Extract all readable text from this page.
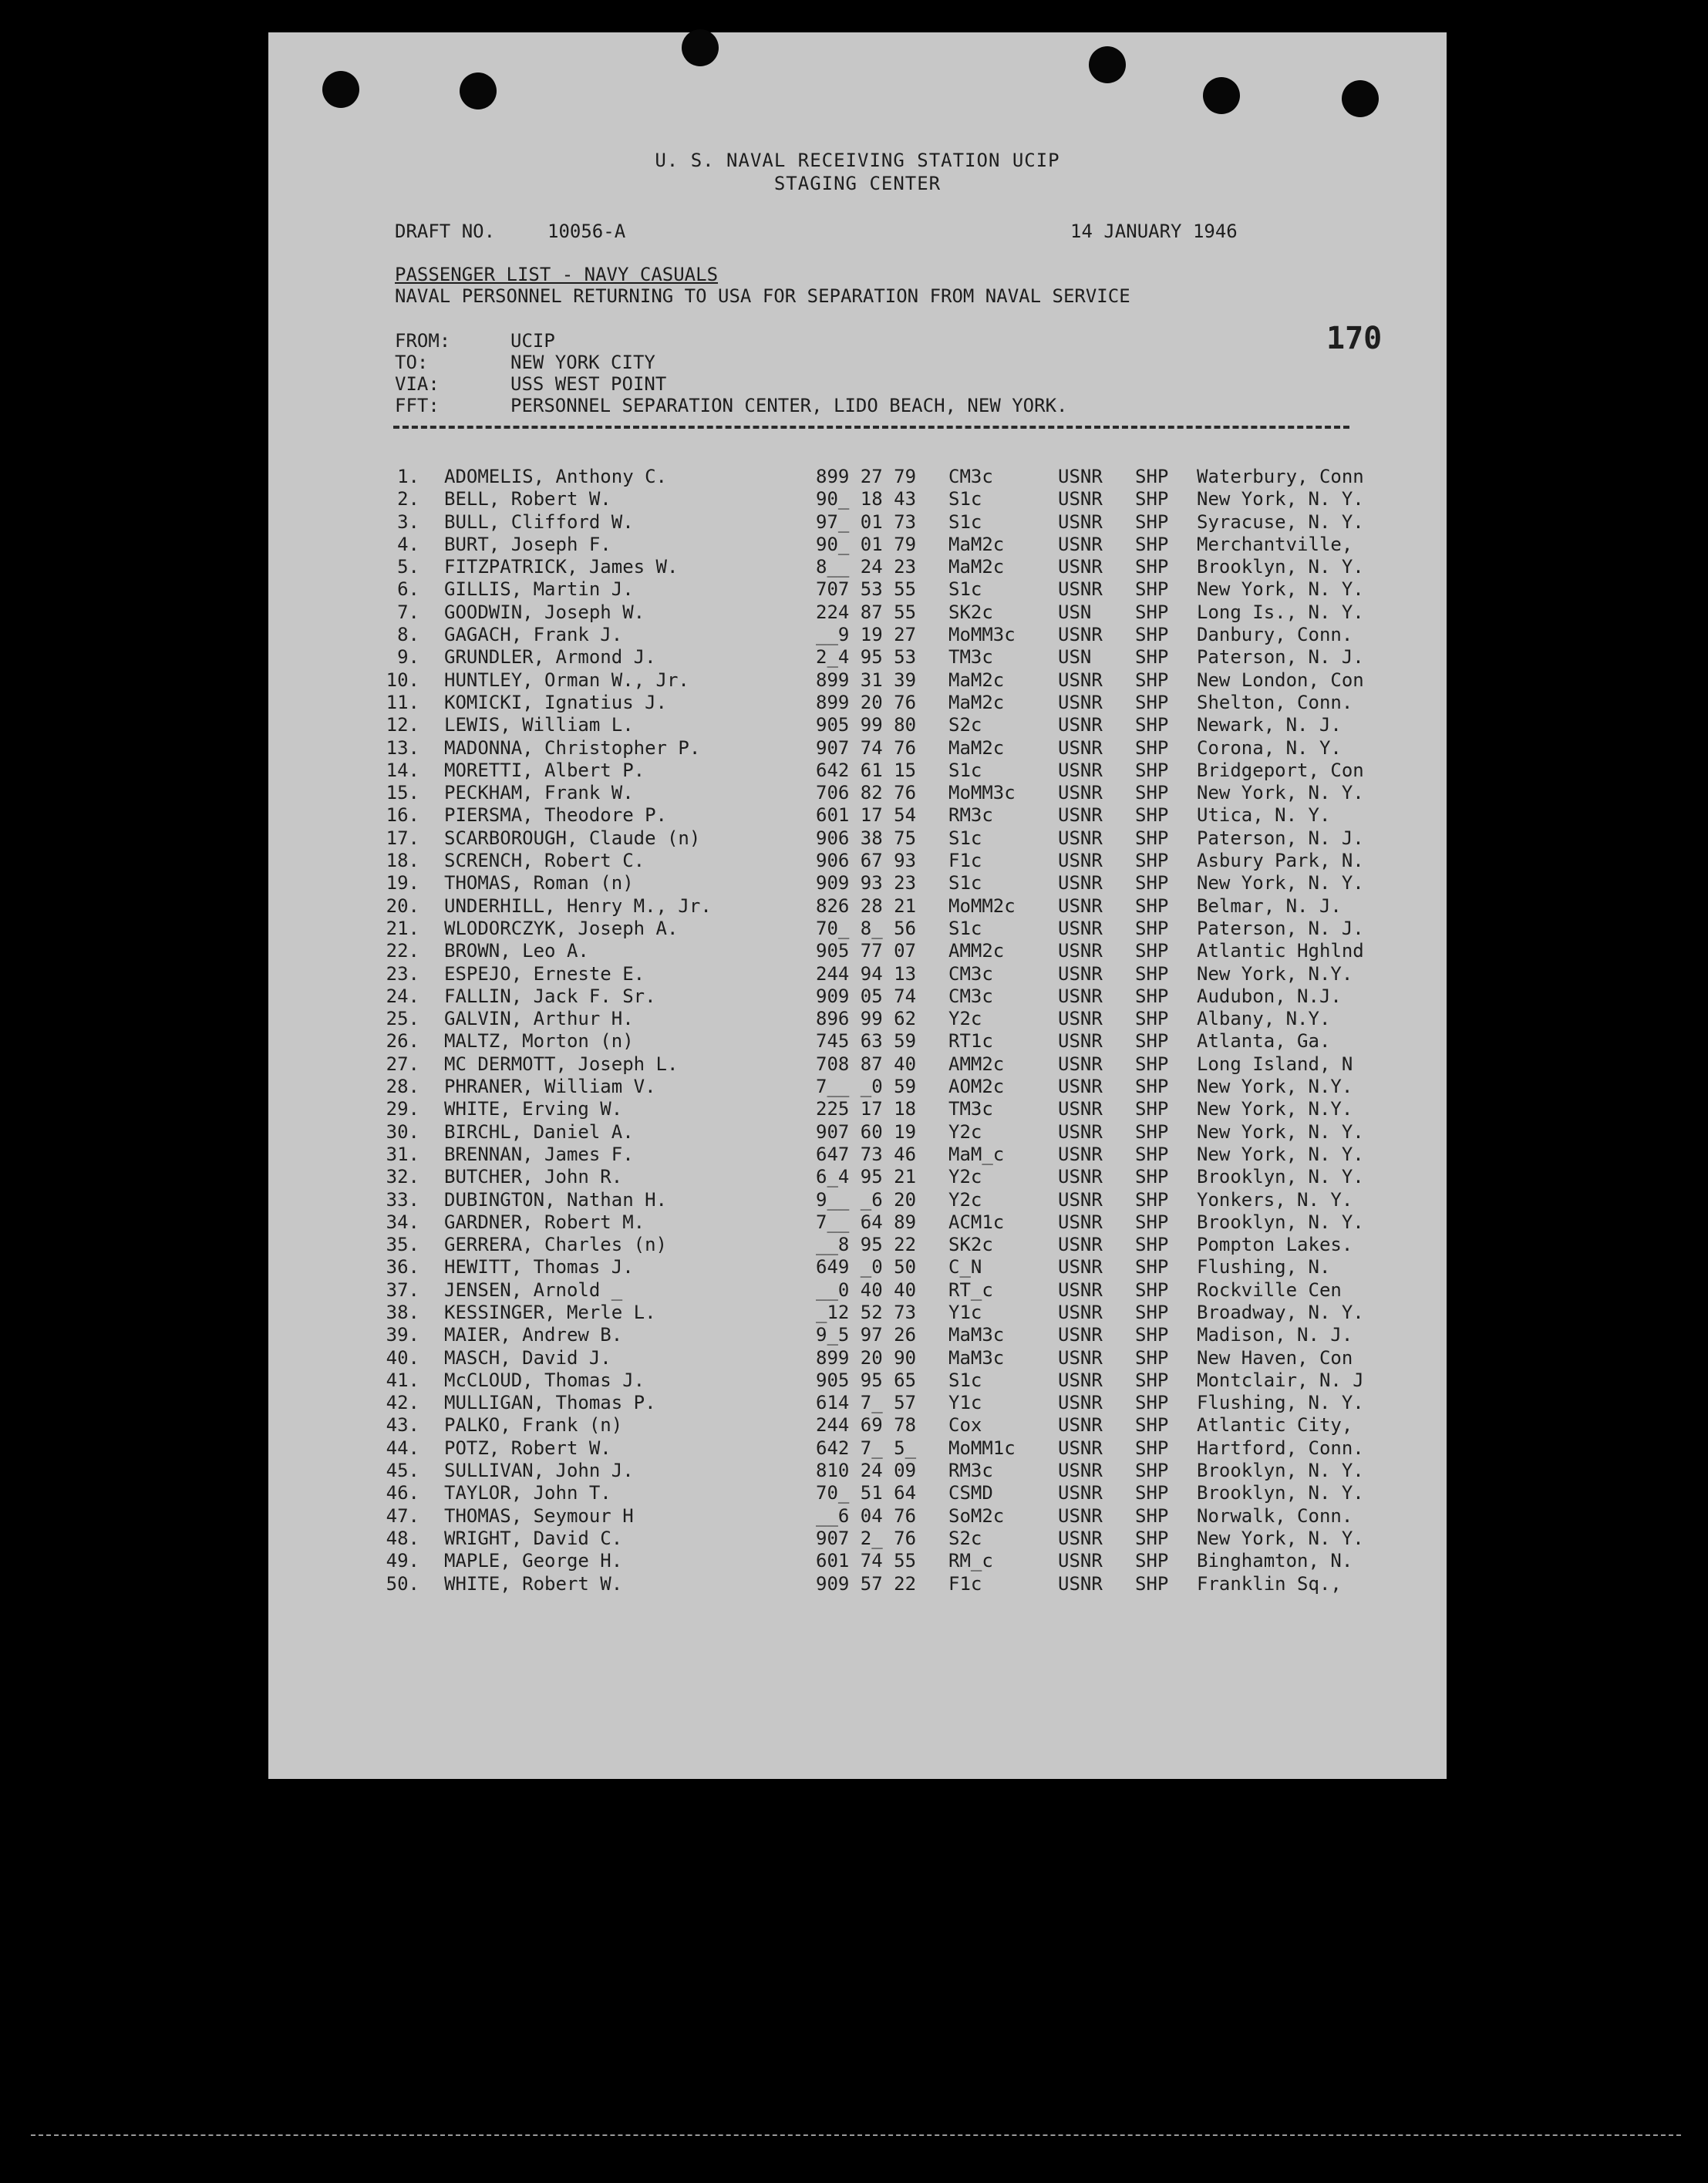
U. S. NAVAL RECEIVING STATION UCIP
STAGING CENTER
DRAFT NO.	10056-A	14 JANUARY 1946
PASSENGER LIST - NAVY CASUALS
NAVAL PERSONNEL RETURNING TO USA FOR SEPARATION FROM NAVAL SERVICE
170
FROM:	UCIP
TO:	NEW YORK CITY
VIA:	USS WEST POINT
FFT:	PERSONNEL SEPARATION CENTER, LIDO BEACH, NEW YORK.
1. ADOMELIS, Anthony C.	899 27 79 CM3c	USNR SHP Waterbury, Conn
2. BELL, Robert W.	90_ 18 43 S1c	USNR SHP New York, N. Y.
3. BULL, Clifford W.	97_ 01 73 S1c	USNR SHP Syracuse, N. Y.
4. BURT, Joseph F.	90_ 01 79 MaM2c	USNR SHP Merchantville,
5. FITZPATRICK, James W.	8__ 24 23 MaM2c	USNR SHP Brooklyn, N. Y.
6. GILLIS, Martin J.	707 53 55 S1c	USNR SHP New York, N. Y.
7. GOODWIN, Joseph W.	224 87 55 SK2c	USN SHP Long Is., N. Y.
8. GAGACH, Frank J.	__9 19 27 MoMM3c USNR SHP Danbury, Conn.
9. GRUNDLER, Armond J.	2_4 95 53 TM3c	USN SHP Paterson, N. J.
10. HUNTLEY, Orman W., Jr.	899 31 39 MaM2c	USNR SHP New London, Con
11. KOMICKI, Ignatius J.	899 20 76 MaM2c	USNR SHP Shelton, Conn.
12. LEWIS, William L.	905 99 80 S2c	USNR SHP Newark, N. J.
13. MADONNA, Christopher P.	907 74 76 MaM2c	USNR SHP Corona, N. Y.
14. MORETTI, Albert P.	642 61 15 S1c	USNR SHP Bridgeport, Con
15. PECKHAM, Frank W.	706 82 76 MoMM3c USNR SHP New York, N. Y.
16. PIERSMA, Theodore P.	601 17 54 RM3c	USNR SHP Utica, N. Y.
17. SCARBOROUGH, Claude (n)	906 38 75 S1c	USNR SHP Paterson, N. J.
18. SCRENCH, Robert C.	906 67 93 F1c	USNR SHP Asbury Park, N.
19. THOMAS, Roman (n)	909 93 23 S1c	USNR SHP New York, N. Y.
20. UNDERHILL, Henry M., Jr.	826 28 21 MoMM2c USNR SHP Belmar, N. J.
21. WLODORCZYK, Joseph A.	70_ 8_ 56 S1c	USNR SHP Paterson, N. J.
22. BROWN, Leo A.	905 77 07 AMM2c	USNR SHP Atlantic Hghlnd
23. ESPEJO, Erneste E.	244 94 13 CM3c	USNR SHP New York, N.Y.
24. FALLIN, Jack F. Sr.	909 05 74 CM3c	USNR SHP Audubon, N.J.
25. GALVIN, Arthur H.	896 99 62 Y2c	USNR SHP Albany, N.Y.
26. MALTZ, Morton (n)	745 63 59 RT1c	USNR SHP Atlanta, Ga.
27. MC DERMOTT, Joseph L.	708 87 40 AMM2c	USNR SHP Long Island, N
28. PHRANER, William V.	7__ _0 59 AOM2c	USNR SHP New York, N.Y.
29. WHITE, Erving W.	225 17 18 TM3c	USNR SHP New York, N.Y.
30. BIRCHL, Daniel A.	907 60 19 Y2c	USNR SHP New York, N. Y.
31. BRENNAN, James F.	647 73 46 MaM_c	USNR SHP New York, N. Y.
32. BUTCHER, John R.	6_4 95 21 Y2c	USNR SHP Brooklyn, N. Y.
33. DUBINGTON, Nathan H.	9__ _6 20 Y2c	USNR SHP Yonkers, N. Y.
34. GARDNER, Robert M.	7__ 64 89 ACM1c	USNR SHP Brooklyn, N. Y.
35. GERRERA, Charles (n)	__8 95 22 SK2c	USNR SHP Pompton Lakes.
36. HEWITT, Thomas J.	649 _0 50 C_N	USNR SHP Flushing, N.
37. JENSEN, Arnold _	__0 40 40 RT_c	USNR SHP Rockville Cen
38. KESSINGER, Merle L.	_12 52 73 Y1c	USNR SHP Broadway, N. Y.
39. MAIER, Andrew B.	9_5 97 26 MaM3c	USNR SHP Madison, N. J.
40. MASCH, David J.	899 20 90 MaM3c	USNR SHP New Haven, Con
41. McCLOUD, Thomas J.	905 95 65 S1c	USNR SHP Montclair, N. J
42. MULLIGAN, Thomas P.	614 7_ 57 Y1c	USNR SHP Flushing, N. Y.
43. PALKO, Frank (n)	244 69 78 Cox	USNR SHP Atlantic City,
44. POTZ, Robert W.	642 7_ 5_ MoMM1c USNR SHP Hartford, Conn.
45. SULLIVAN, John J.	810 24 09 RM3c	USNR SHP Brooklyn, N. Y.
46. TAYLOR, John T.	70_ 51 64 CSMD	USNR SHP Brooklyn, N. Y.
47. THOMAS, Seymour H	__6 04 76 SoM2c	USNR SHP Norwalk, Conn.
48. WRIGHT, David C.	907 2_ 76 S2c	USNR SHP New York, N. Y.
49. MAPLE, George H.	601 74 55 RM_c	USNR SHP Binghamton, N.
50. WHITE, Robert W.	909 57 22 F1c	USNR SHP Franklin Sq.,
